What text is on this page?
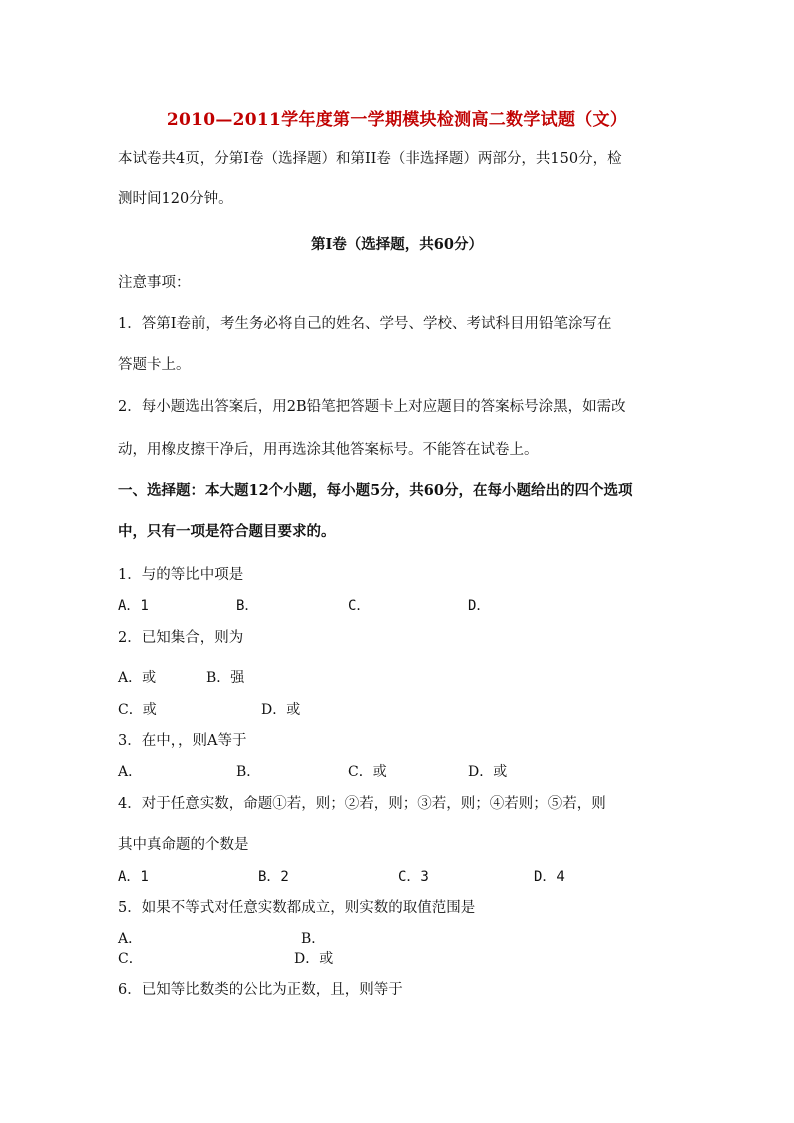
2010—2011学年度第一学期模块检测高二数学试题（文）
本试卷共4页，分第I卷（选择题）和第II卷（非选择题）两部分，共150分，检
测时间120分钟。
第I卷（选择题，共60分）
注意事项：
1．答第I卷前，考生务必将自己的姓名、学号、学校、考试科目用铅笔涂写在
答题卡上。
2．每小题选出答案后，用2B铅笔把答题卡上对应题目的答案标号涂黑，如需改
动，用橡皮擦干净后，用再选涂其他答案标号。不能答在试卷上。
一、选择题：本大题12个小题，每小题5分，共60分，在每小题给出的四个选项
中，只有一项是符合题目要求的。
1．与的等比中项是
A．1	B．	C．	D．
2．已知集合，则为
A．或	B．强
C．或	D．或
3．在中，，则A等于
A．	B．	C．或	D．或
4．对于任意实数，命题①若，则；②若，则；③若，则；④若则；⑤若，则
其中真命题的个数是
A．1	B．2	C．3	D．4
5．如果不等式对任意实数都成立，则实数的取值范围是
A．	B．
C．	D．或
6．已知等比数类的公比为正数，且，则等于
